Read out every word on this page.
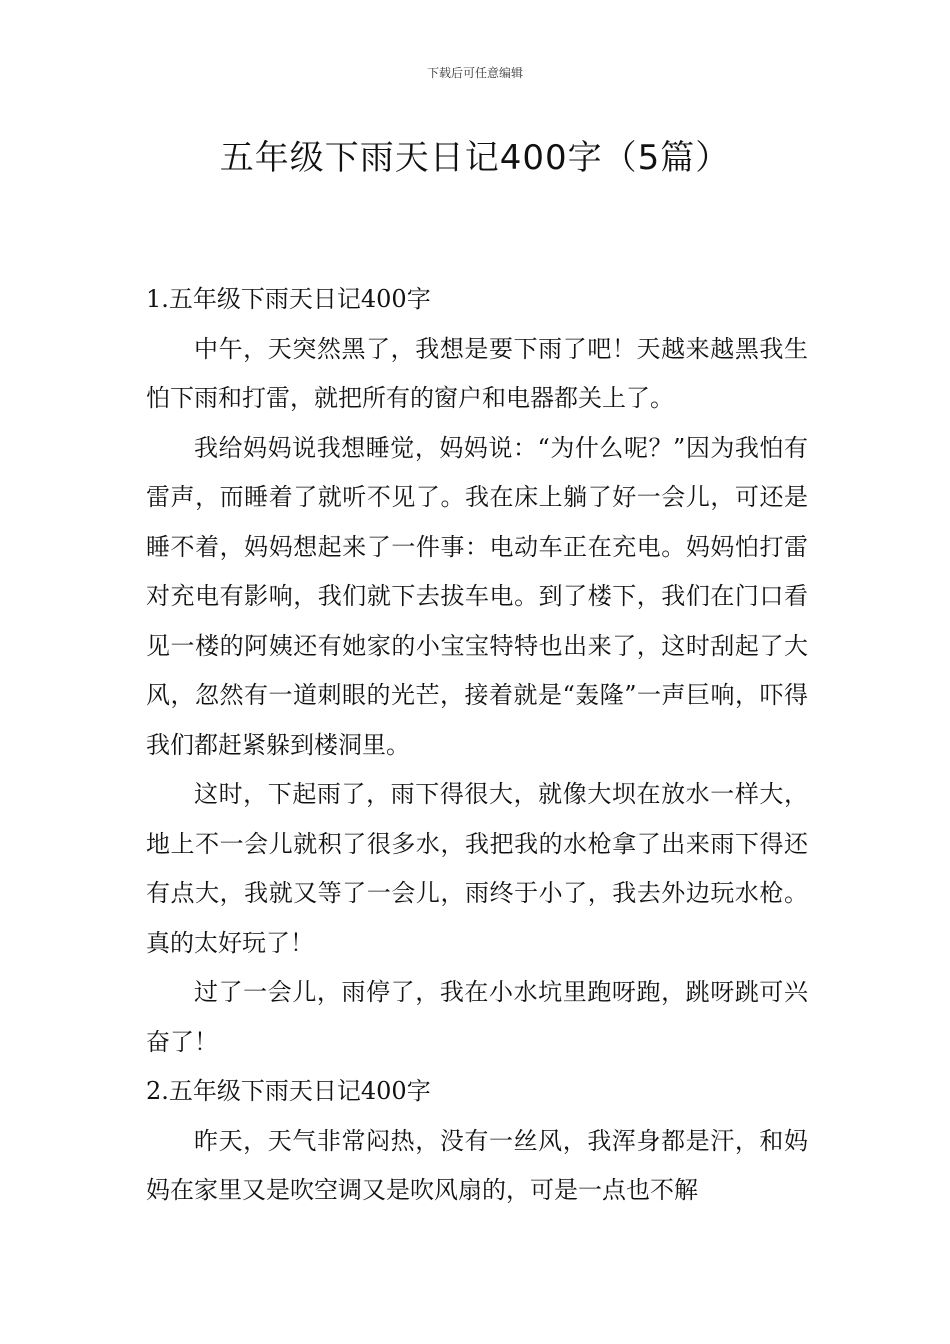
下载后可任意编辑
五年级下雨天日记400字（5篇）
1.五年级下雨天日记400字

中午，天突然黑了，我想是要下雨了吧！天越来越黑我生怕下雨和打雷，就把所有的窗户和电器都关上了。

我给妈妈说我想睡觉，妈妈说：“为什么呢？”因为我怕有雷声，而睡着了就听不见了。我在床上躺了好一会儿，可还是睡不着，妈妈想起来了一件事：电动车正在充电。妈妈怕打雷对充电有影响，我们就下去拔车电。到了楼下，我们在门口看见一楼的阿姨还有她家的小宝宝特特也出来了，这时刮起了大风，忽然有一道刺眼的光芒，接着就是“轰隆”一声巨响，吓得我们都赶紧躲到楼洞里。

这时，下起雨了，雨下得很大，就像大坝在放水一样大，地上不一会儿就积了很多水，我把我的水枪拿了出来雨下得还有点大，我就又等了一会儿，雨终于小了，我去外边玩水枪。真的太好玩了！

过了一会儿，雨停了，我在小水坑里跑呀跑，跳呀跳可兴奋了！

2.五年级下雨天日记400字

昨天，天气非常闷热，没有一丝风，我浑身都是汗，和妈妈在家里又是吹空调又是吹风扇的，可是一点也不解
